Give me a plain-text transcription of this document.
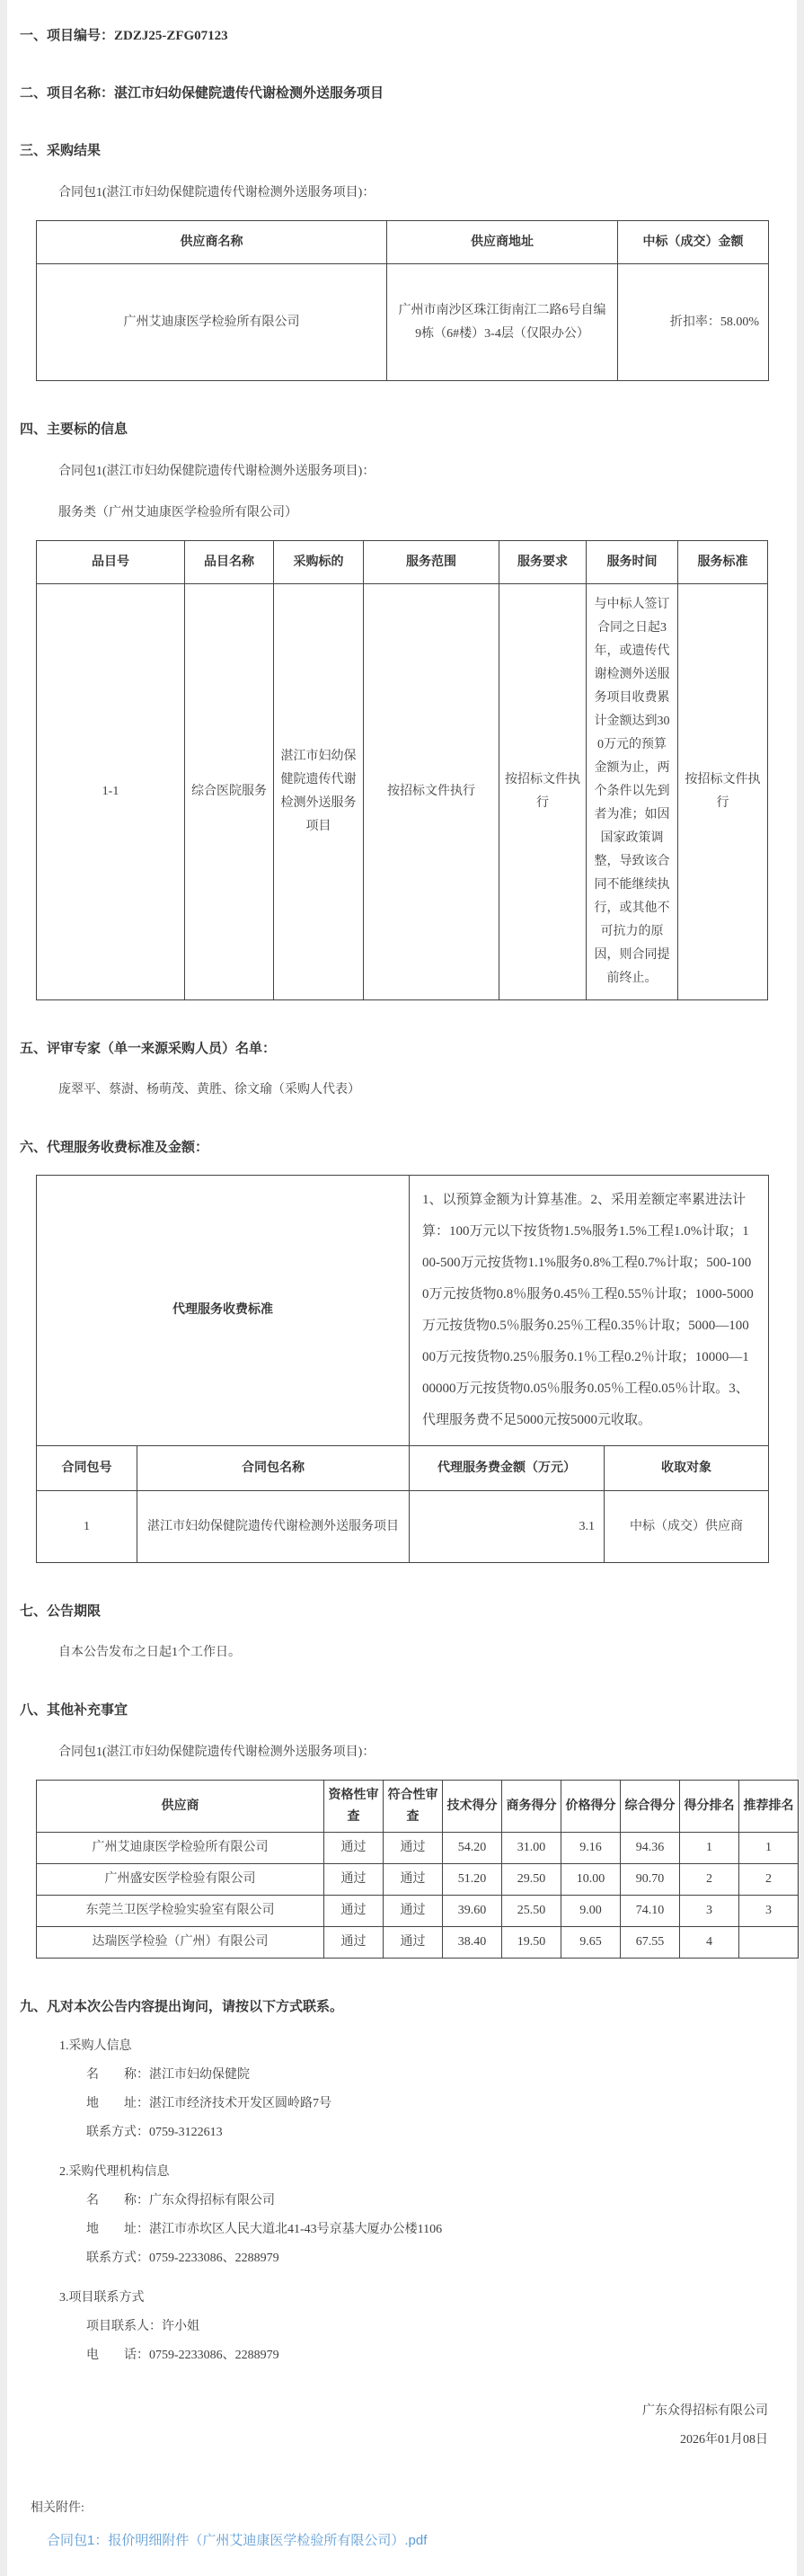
一、项目编号：ZDZJ25-ZFG07123
二、项目名称：湛江市妇幼保健院遗传代谢检测外送服务项目
三、采购结果
合同包1(湛江市妇幼保健院遗传代谢检测外送服务项目)：
供应商名称	供应商地址	中标（成交）金额
广州艾迪康医学检验所有限公司	广州市南沙区珠江街南江二路6号自编9栋（6#楼）3-4层（仅限办公）	折扣率：58.00%
四、主要标的信息
合同包1(湛江市妇幼保健院遗传代谢检测外送服务项目)：
服务类（广州艾迪康医学检验所有限公司）
品目号	品目名称	采购标的	服务范围	服务要求	服务时间	服务标准
1-1	综合医院服务	湛江市妇幼保健院遗传代谢检测外送服务项目	按招标文件执行	按招标文件执行	与中标人签订合同之日起3年，或遗传代谢检测外送服务项目收费累计金额达到300万元的预算金额为止，两个条件以先到者为准；如因国家政策调整，导致该合同不能继续执行，或其他不可抗力的原因，则合同提前终止。	按招标文件执行
五、评审专家（单一来源采购人员）名单：
庞翠平、蔡澍、杨萌茂、黄胜、徐文瑜（采购人代表）
六、代理服务收费标准及金额：
代理服务收费标准		1、以预算金额为计算基准。2、采用差额定率累进法计算：100万元以下按货物1.5%服务1.5%工程1.0%计取；100-500万元按货物1.1%服务0.8%工程0.7%计取；500-1000万元按货物0.8％服务0.45％工程0.55％计取；1000-5000万元按货物0.5％服务0.25％工程0.35％计取；5000—10000万元按货物0.25％服务0.1％工程0.2％计取；10000—100000万元按货物0.05％服务0.05％工程0.05％计取。3、代理服务费不足5000元按5000元收取。	
合同包号	合同包名称	代理服务费金额（万元）	收取对象
1	湛江市妇幼保健院遗传代谢检测外送服务项目	3.1	中标（成交）供应商
七、公告期限
自本公告发布之日起1个工作日。
八、其他补充事宜
合同包1(湛江市妇幼保健院遗传代谢检测外送服务项目)：
供应商	资格性审查	符合性审查	技术得分	商务得分	价格得分	综合得分	得分排名	推荐排名
广州艾迪康医学检验所有限公司	通过	通过	54.20	31.00	9.16	94.36	1	1
广州盛安医学检验有限公司	通过	通过	51.20	29.50	10.00	90.70	2	2
东莞兰卫医学检验实验室有限公司	通过	通过	39.60	25.50	9.00	74.10	3	3
达瑞医学检验（广州）有限公司	通过	通过	38.40	19.50	9.65	67.55	4	
九、凡对本次公告内容提出询问，请按以下方式联系。
1.采购人信息
名　　称：湛江市妇幼保健院
地　　址：湛江市经济技术开发区圆岭路7号
联系方式：0759-3122613
2.采购代理机构信息
名　　称：广东众得招标有限公司
地　　址：湛江市赤坎区人民大道北41-43号京基大厦办公楼1106
联系方式：0759-2233086、2288979
3.项目联系方式
项目联系人：许小姐
电　　话：0759-2233086、2288979
广东众得招标有限公司
2026年01月08日
相关附件:
合同包1：报价明细附件（广州艾迪康医学检验所有限公司）.pdf
